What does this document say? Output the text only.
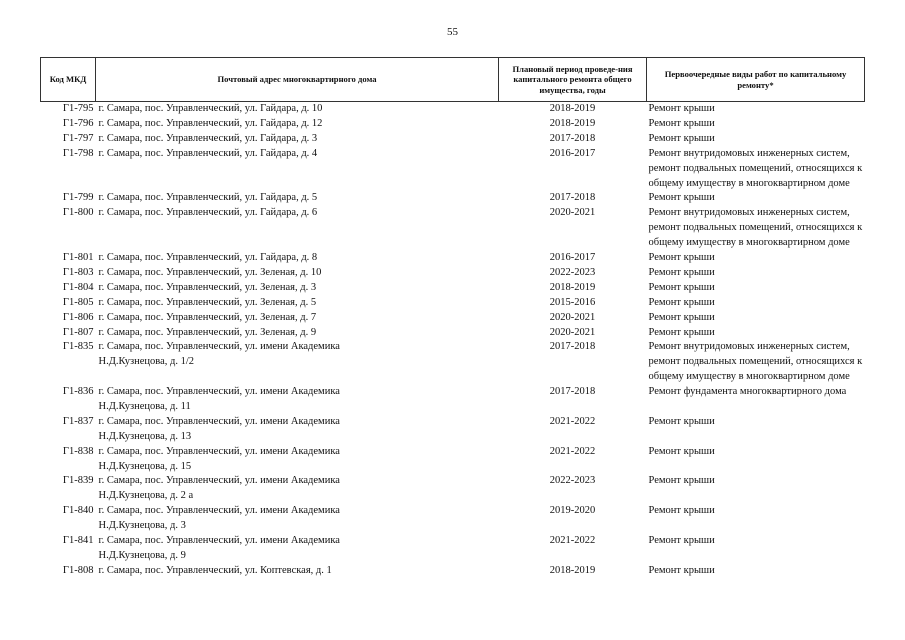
55
Код МКД	Почтовый адрес многоквартирного дома	Плановый период проведе-ния капитального ремонта общего имущества, годы	Первоочередные виды работ по капитальному ремонту*
Г1-795	г. Самара, пос. Управленческий, ул. Гайдара, д. 10	2018-2019	Ремонт крыши

Г1-796	г. Самара, пос. Управленческий, ул. Гайдара, д. 12	2018-2019	Ремонт крыши

Г1-797	г. Самара, пос. Управленческий, ул. Гайдара, д. 3	2017-2018	Ремонт крыши

Г1-798	г. Самара, пос. Управленческий, ул. Гайдара, д. 4	2016-2017	Ремонт внутридомовых инженерных систем,
ремонт подвальных помещений, относящихся к
общему имуществу в многоквартирном доме

Г1-799	г. Самара, пос. Управленческий, ул. Гайдара, д. 5	2017-2018	Ремонт крыши

Г1-800	г. Самара, пос. Управленческий, ул. Гайдара, д. 6	2020-2021	Ремонт внутридомовых инженерных систем,
ремонт подвальных помещений, относящихся к
общему имуществу в многоквартирном доме

Г1-801	г. Самара, пос. Управленческий, ул. Гайдара, д. 8	2016-2017	Ремонт крыши

Г1-803	г. Самара, пос. Управленческий, ул. Зеленая, д. 10	2022-2023	Ремонт крыши

Г1-804	г. Самара, пос. Управленческий, ул. Зеленая, д. 3	2018-2019	Ремонт крыши

Г1-805	г. Самара, пос. Управленческий, ул. Зеленая, д. 5	2015-2016	Ремонт крыши

Г1-806	г. Самара, пос. Управленческий, ул. Зеленая, д. 7	2020-2021	Ремонт крыши

Г1-807	г. Самара, пос. Управленческий, ул. Зеленая, д. 9	2020-2021	Ремонт крыши

Г1-835	г. Самара, пос. Управленческий, ул. имени Академика
Н.Д.Кузнецова, д. 1/2	2017-2018	Ремонт внутридомовых инженерных систем,
ремонт подвальных помещений, относящихся к
общему имуществу в многоквартирном доме

Г1-836	г. Самара, пос. Управленческий, ул. имени Академика
Н.Д.Кузнецова, д. 11	2017-2018	Ремонт фундамента многоквартирного дома

Г1-837	г. Самара, пос. Управленческий, ул. имени Академика
Н.Д.Кузнецова, д. 13	2021-2022	Ремонт крыши

Г1-838	г. Самара, пос. Управленческий, ул. имени Академика
Н.Д.Кузнецова, д. 15	2021-2022	Ремонт крыши

Г1-839	г. Самара, пос. Управленческий, ул. имени Академика
Н.Д.Кузнецова, д. 2 а	2022-2023	Ремонт крыши

Г1-840	г. Самара, пос. Управленческий, ул. имени Академика
Н.Д.Кузнецова, д. 3	2019-2020	Ремонт крыши

Г1-841	г. Самара, пос. Управленческий, ул. имени Академика
Н.Д.Кузнецова, д. 9	2021-2022	Ремонт крыши

Г1-808	г. Самара, пос. Управленческий, ул. Коптевская, д. 1	2018-2019	Ремонт крыши
